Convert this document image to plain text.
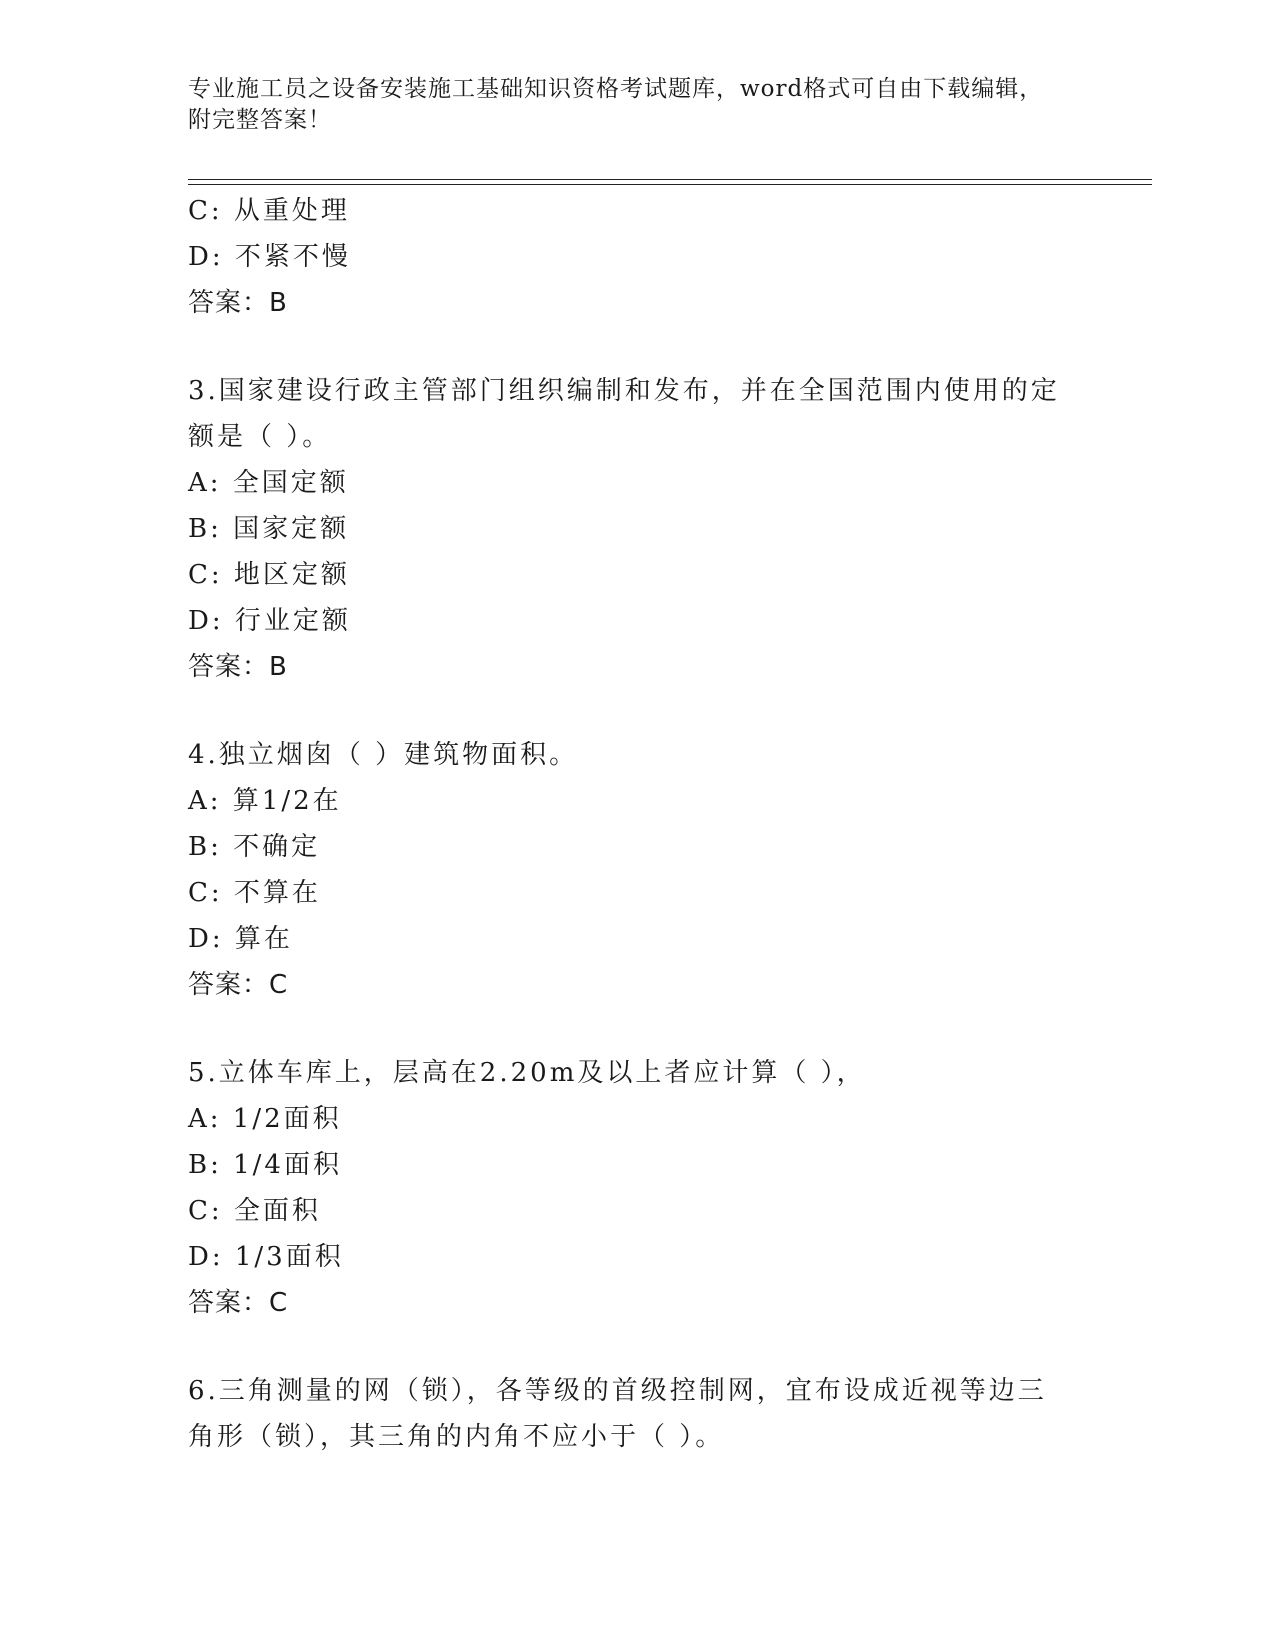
专业施工员之设备安装施工基础知识资格考试题库，word格式可自由下载编辑，
附完整答案！
C: 从重处理
D: 不紧不慢
答案：B
3.国家建设行政主管部门组织编制和发布，并在全国范围内使用的定
额是（ ）。
A: 全国定额
B: 国家定额
C: 地区定额
D: 行业定额
答案：B
4.独立烟囱（ ）建筑物面积。
A: 算1/2在
B: 不确定
C: 不算在
D: 算在
答案：C
5.立体车库上，层高在2.20m及以上者应计算（ ），
A: 1/2面积
B: 1/4面积
C: 全面积
D: 1/3面积
答案：C
6.三角测量的网（锁），各等级的首级控制网，宜布设成近视等边三
角形（锁），其三角的内角不应小于（ ）。
